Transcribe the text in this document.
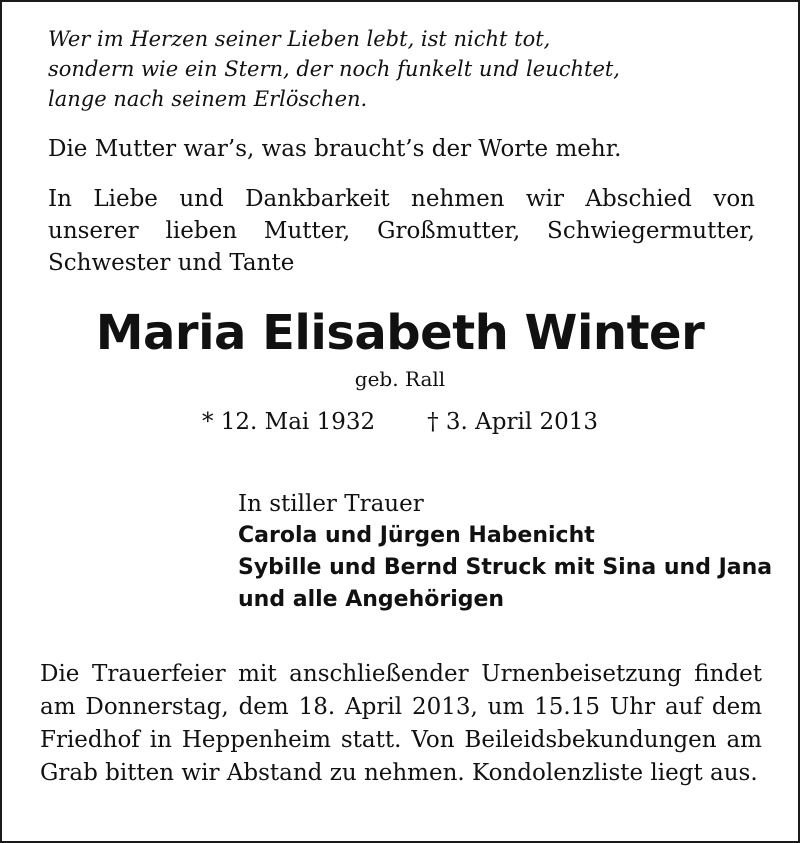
Wer im Herzen seiner Lieben lebt, ist nicht tot,
sondern wie ein Stern, der noch funkelt und leuchtet,
lange nach seinem Erlöschen.
Die Mutter war’s, was braucht’s der Worte mehr.
In Liebe und Dankbarkeit nehmen wir Abschied von
unserer lieben Mutter, Großmutter, Schwiegermutter,
Schwester und Tante
Maria Elisabeth Winter
geb. Rall
* 12. Mai 1932 † 3. April 2013
In stiller Trauer
Carola und Jürgen Habenicht
Sybille und Bernd Struck mit Sina und Jana
und alle Angehörigen
Die Trauerfeier mit anschließender Urnenbeisetzung findet
am Donnerstag, dem 18. April 2013, um 15.15 Uhr auf dem
Friedhof in Heppenheim statt. Von Beileidsbekundungen am
Grab bitten wir Abstand zu nehmen. Kondolenzliste liegt aus.
